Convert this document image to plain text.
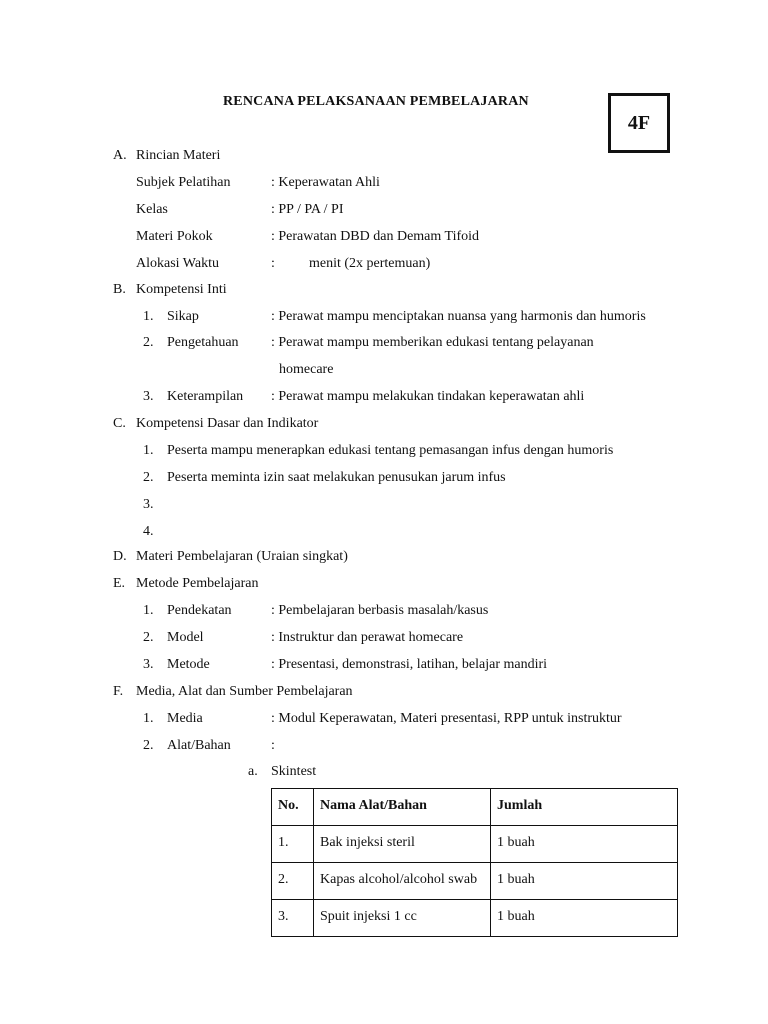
RENCANA PELAKSANAAN PEMBELAJARAN
4F
A. Rincian Materi
Subjek Pelatihan	: Keperawatan Ahli
Kelas	: PP / PA / PI
Materi Pokok	: Perawatan DBD dan Demam Tifoid
Alokasi Waktu	: menit (2x pertemuan)
B. Kompetensi Inti
1. Sikap	: Perawat mampu menciptakan nuansa yang harmonis dan humoris
2. Pengetahuan : Perawat mampu memberikan edukasi tentang pelayanan
homecare
3. Keterampilan : Perawat mampu melakukan tindakan keperawatan ahli
C. Kompetensi Dasar dan Indikator
1. Peserta mampu menerapkan edukasi tentang pemasangan infus dengan humoris
2. Peserta meminta izin saat melakukan penusukan jarum infus
3.
4.
D. Materi Pembelajaran (Uraian singkat)
E. Metode Pembelajaran
1. Pendekatan	: Pembelajaran berbasis masalah/kasus
2. Model	: Instruktur dan perawat homecare
3. Metode	: Presentasi, demonstrasi, latihan, belajar mandiri
F. Media, Alat dan Sumber Pembelajaran
1. Media	: Modul Keperawatan, Materi presentasi, RPP untuk instruktur
2. Alat/Bahan	:
a. Skintest
No.	Nama Alat/Bahan	Jumlah
1.	Bak injeksi steril	1 buah
2.	Kapas alcohol/alcohol swab	1 buah
3.	Spuit injeksi 1 cc	1 buah
